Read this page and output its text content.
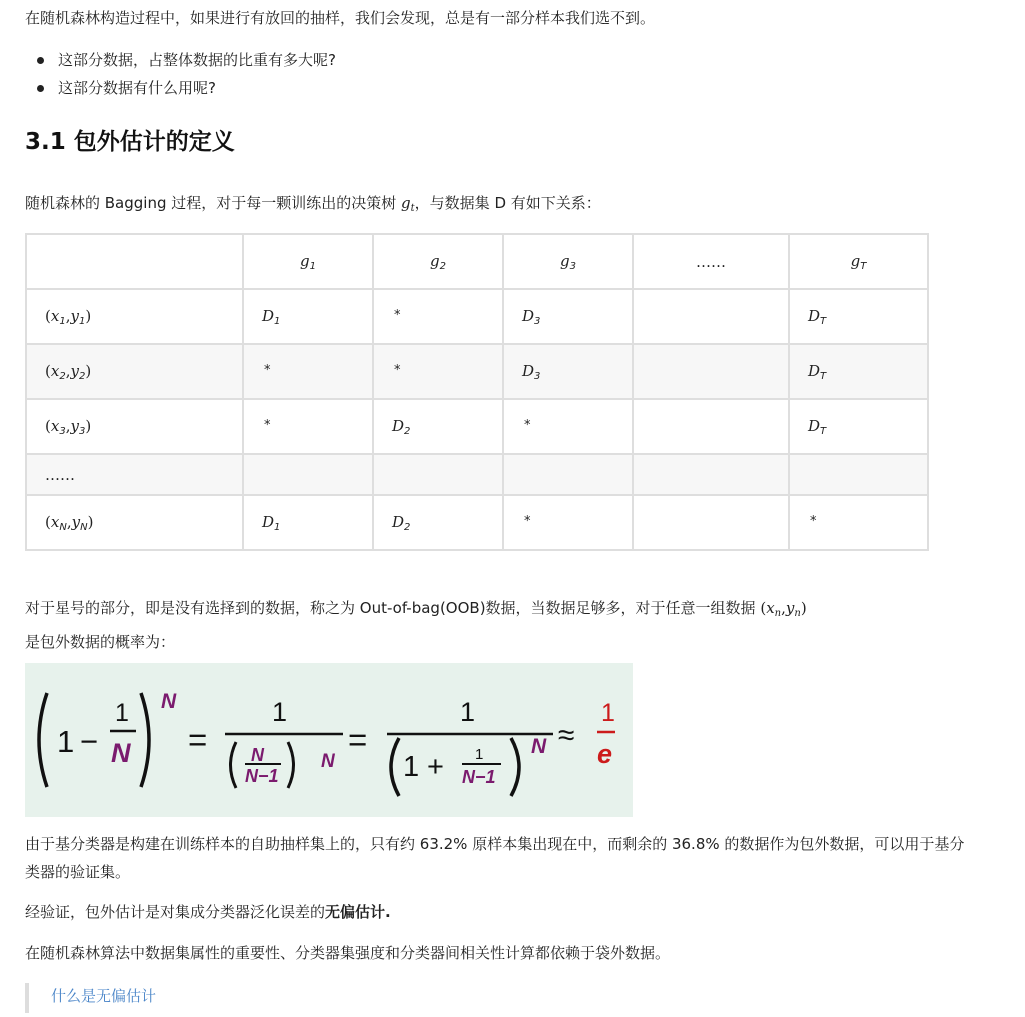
在随机森林构造过程中，如果进行有放回的抽样，我们会发现，总是有一部分样本我们选不到。

这部分数据，占整体数据的比重有多大呢?
这部分数据有什么用呢?
3.1 包外估计的定义

随机森林的 Bagging 过程，对于每一颗训练出的决策树 $g_t$，与数据集 D 有如下关系：

	$g_1$	$g_2$	$g_3$	……	$g_T$
$(x_1,y_1)$	$D_1$	*	$D_3$		$D_T$
$(x_2,y_2)$	*	*	$D_3$		$D_T$
$(x_3,y_3)$	*	$D_2$	*		$D_T$
……					
$(x_N,y_N)$	$D_1$	$D_2$	*		*

对于星号的部分，即是没有选择到的数据，称之为 Out-of-bag(OOB)数据，当数据足够多，对于任意一组数据 $(x_n,y_n)$
是包外数据的概率为：

1 −
1
N
N
=
1
N
N−1
N
=
1
1 + 1
N−1
N ≈
1
e

由于基分类器是构建在训练样本的自助抽样集上的，只有约 63.2% 原样本集出现在中，而剩余的 36.8% 的数据作为包外数据，可以用于基分类器的验证集。

经验证，包外估计是对集成分类器泛化误差的无偏估计.

在随机森林算法中数据集属性的重要性、分类器集强度和分类器间相关性计算都依赖于袋外数据。

什么是无偏估计
